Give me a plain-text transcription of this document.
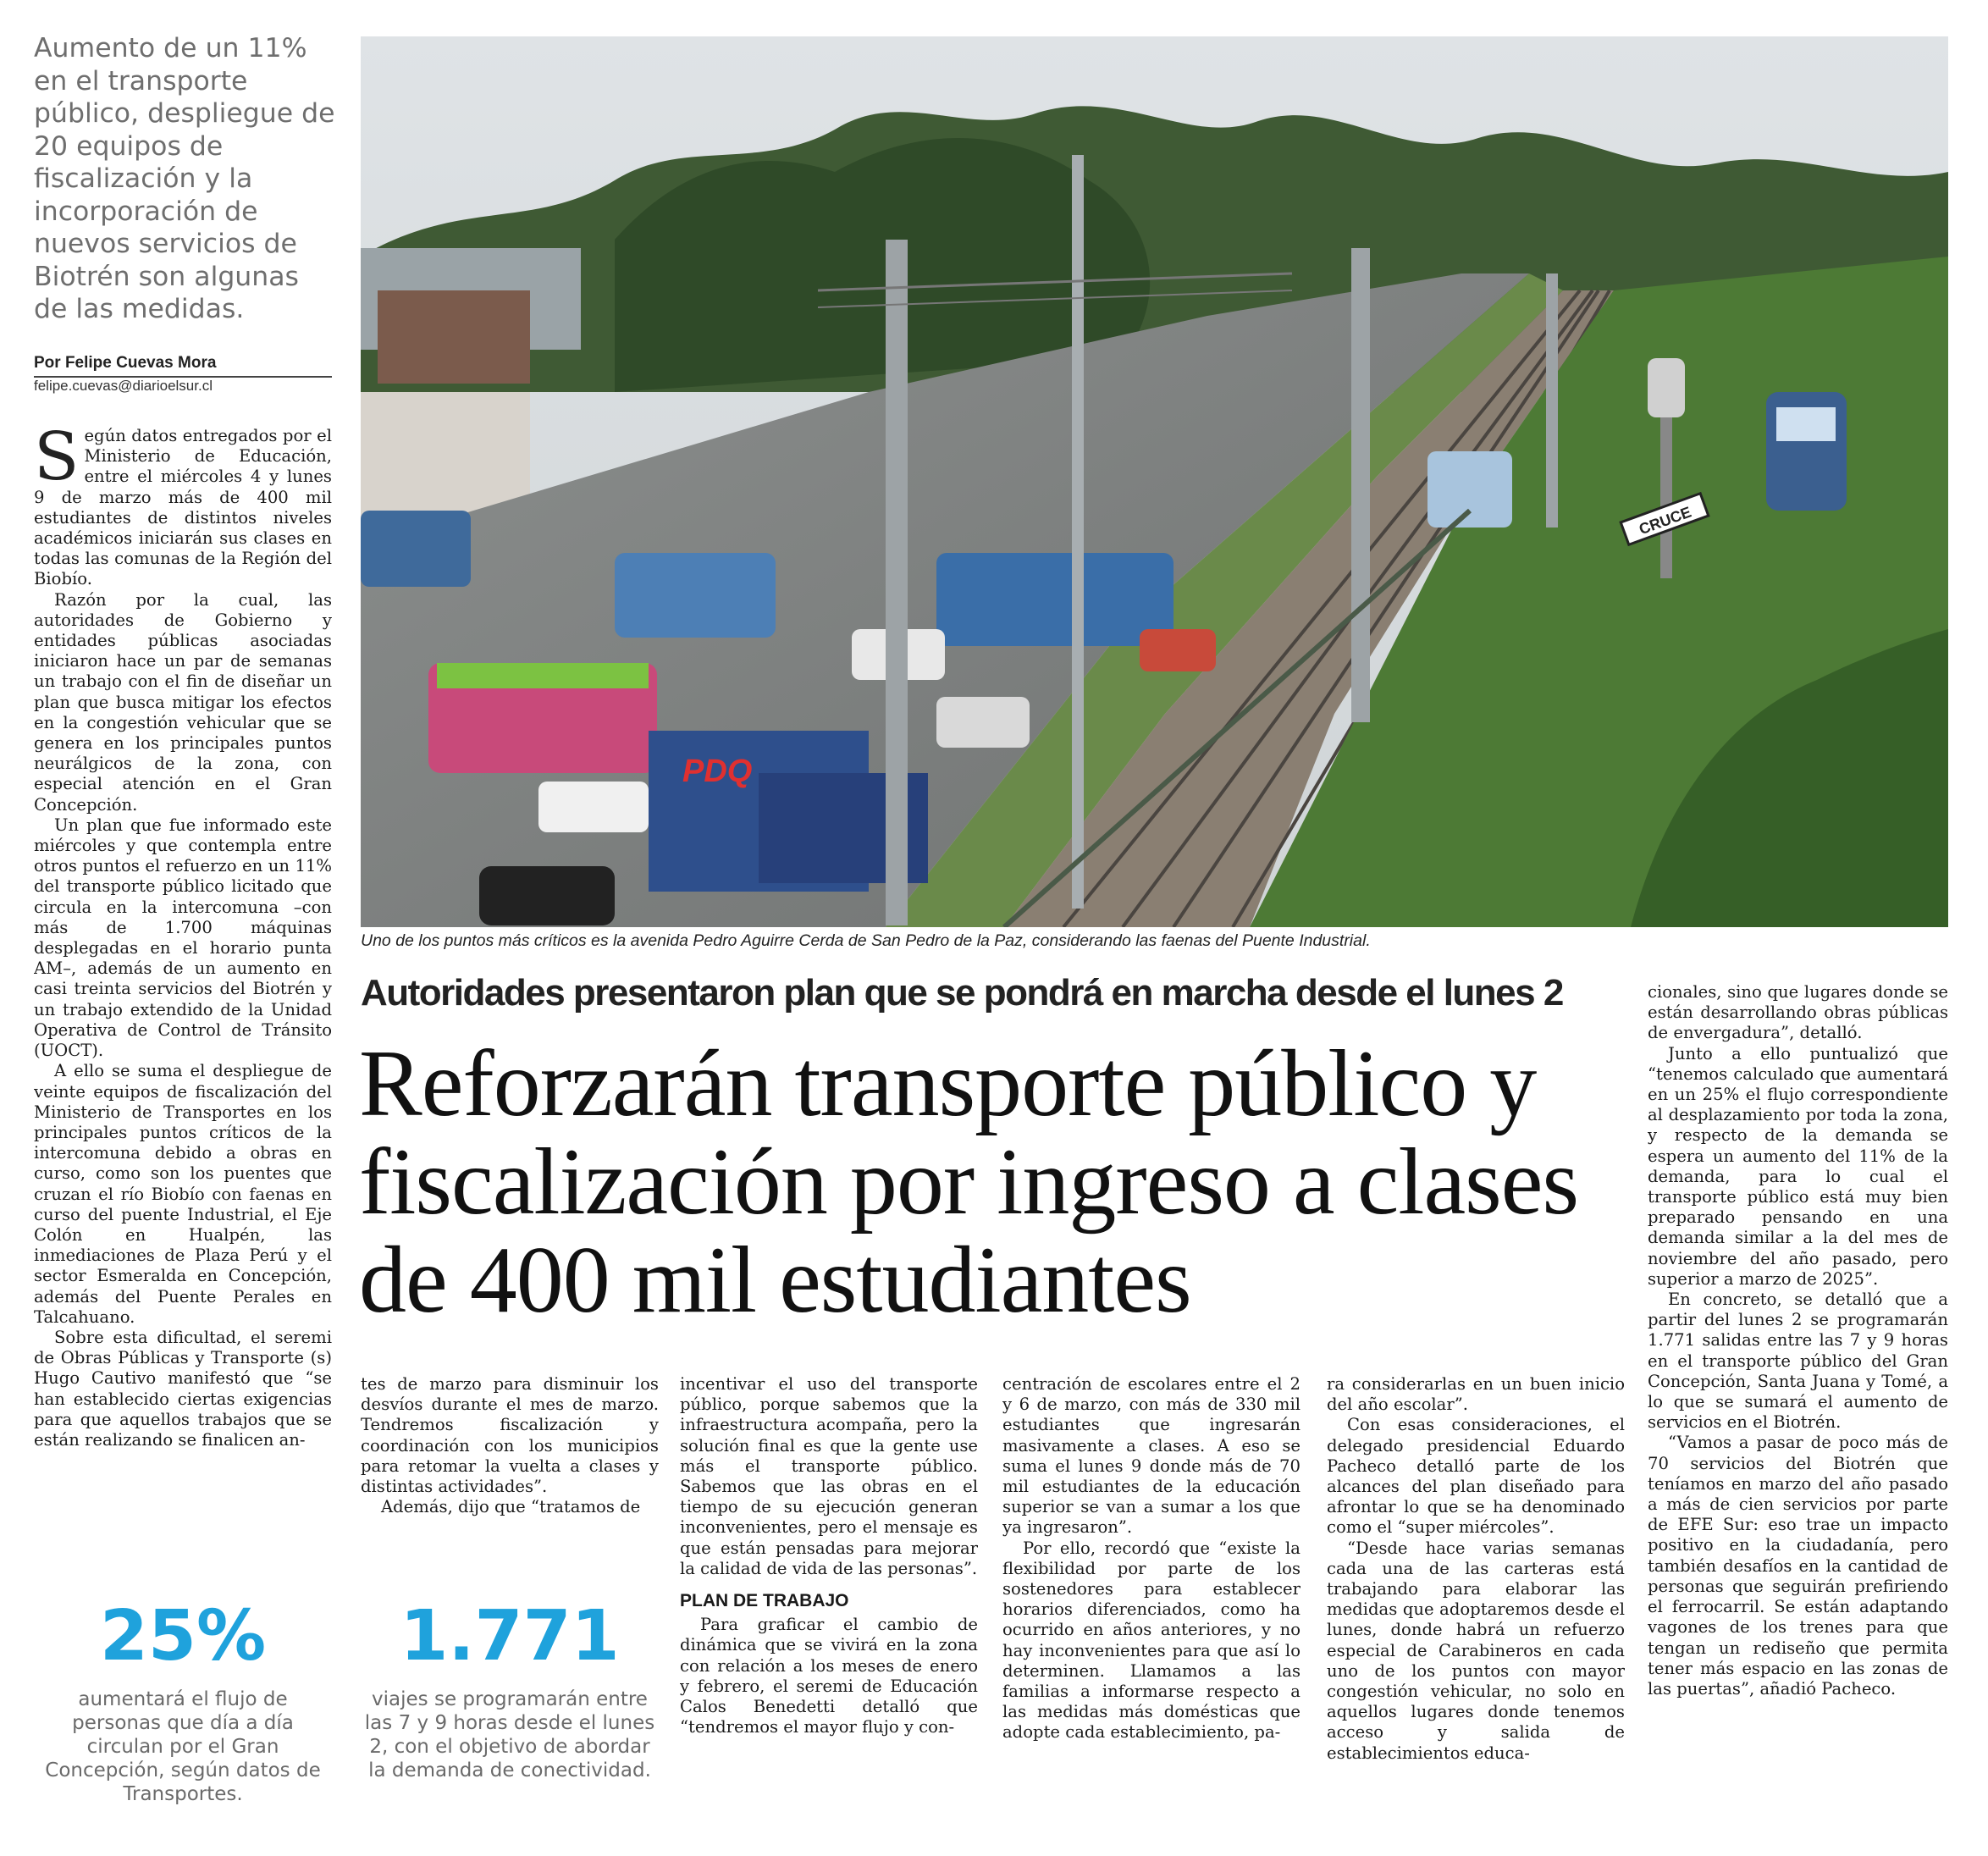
Aumento de un 11% en el transporte público, despliegue de 20 equipos de fiscalización y la incorporación de nuevos servicios de Biotrén son algunas de las medidas.

Por Felipe Cuevas Mora
felipe.cuevas@diarioelsur.cl

Según datos entregados por el Ministerio de Educación, entre el miércoles 4 y lunes 9 de marzo más de 400 mil estudiantes de distintos niveles académicos iniciarán sus clases en todas las comunas de la Región del Biobío.

Razón por la cual, las autoridades de Gobierno y entidades públicas asociadas iniciaron hace un par de semanas un trabajo con el fin de diseñar un plan que busca mitigar los efectos en la congestión vehicular que se genera en los principales puntos neurálgicos de la zona, con especial atención en el Gran Concepción.

Un plan que fue informado este miércoles y que contempla entre otros puntos el refuerzo en un 11% del transporte público licitado que circula en la intercomuna –con más de 1.700 máquinas desplegadas en el horario punta AM–, además de un aumento en casi treinta servicios del Biotrén y un trabajo extendido de la Unidad Operativa de Control de Tránsito (UOCT).

A ello se suma el despliegue de veinte equipos de fiscalización del Ministerio de Transportes en los principales puntos críticos de la intercomuna debido a obras en curso, como son los puentes que cruzan el río Biobío con faenas en curso del puente Industrial, el Eje Colón en Hualpén, las inmediaciones de Plaza Perú y el sector Esmeralda en Concepción, además del Puente Perales en Talcahuano.

Sobre esta dificultad, el seremi de Obras Públicas y Transporte (s) Hugo Cautivo manifestó que “se han establecido ciertas exigencias para que aquellos trabajos que se están realizando se finalicen an-

PDQ
CRUCE
Uno de los puntos más críticos es la avenida Pedro Aguirre Cerda de San Pedro de la Paz, considerando las faenas del Puente Industrial.
Autoridades presentaron plan que se pondrá en marcha desde el lunes 2
Reforzarán transporte público y fiscalización por ingreso a clases de 400 mil estudiantes

tes de marzo para disminuir los desvíos durante el mes de marzo. Tendremos fiscalización y coordinación con los municipios para retomar la vuelta a clases y distintas actividades”.

Además, dijo que “tratamos de

incentivar el uso del transporte público, porque sabemos que la infraestructura acompaña, pero la solución final es que la gente use más el transporte público. Sabemos que las obras en el tiempo de su ejecución generan inconvenientes, pero el mensaje es que están pensadas para mejorar la calidad de vida de las personas”.

PLAN DE TRABAJO

Para graficar el cambio de dinámica que se vivirá en la zona con relación a los meses de enero y febrero, el seremi de Educación Calos Benedetti detalló que “tendremos el mayor flujo y con-

centración de escolares entre el 2 y 6 de marzo, con más de 330 mil estudiantes que ingresarán masivamente a clases. A eso se suma el lunes 9 donde más de 70 mil estudiantes de la educación superior se van a sumar a los que ya ingresaron”.

Por ello, recordó que “existe la flexibilidad por parte de los sostenedores para establecer horarios diferenciados, como ha ocurrido en años anteriores, y no hay inconvenientes para que así lo determinen. Llamamos a las familias a informarse respecto a las medidas más domésticas que adopte cada establecimiento, pa-

ra considerarlas en un buen inicio del año escolar”.

Con esas consideraciones, el delegado presidencial Eduardo Pacheco detalló parte de los alcances del plan diseñado para afrontar lo que se ha denominado como el “super miércoles”.

“Desde hace varias semanas cada una de las carteras está trabajando para elaborar las medidas que adoptaremos desde el lunes, donde habrá un refuerzo especial de Carabineros en cada uno de los puntos con mayor congestión vehicular, no solo en aquellos lugares donde tenemos acceso y salida de establecimientos educa-

cionales, sino que lugares donde se están desarrollando obras públicas de envergadura”, detalló.

Junto a ello puntualizó que “tenemos calculado que aumentará en un 25% el flujo correspondiente al desplazamiento por toda la zona, y respecto de la demanda se espera un aumento del 11% de la demanda, para lo cual el transporte público está muy bien preparado pensando en una demanda similar a la del mes de noviembre del año pasado, pero superior a marzo de 2025”.

En concreto, se detalló que a partir del lunes 2 se programarán 1.771 salidas entre las 7 y 9 horas en el transporte público del Gran Concepción, Santa Juana y Tomé, a lo que se sumará el aumento de servicios en el Biotrén.

“Vamos a pasar de poco más de 70 servicios del Biotrén que teníamos en marzo del año pasado a más de cien servicios por parte de EFE Sur: eso trae un impacto positivo en la ciudadanía, pero también desafíos en la cantidad de personas que seguirán prefiriendo el ferrocarril. Se están adaptando vagones de los trenes para que tengan un rediseño que permita tener más espacio en las zonas de las puertas”, añadió Pacheco.

25%
aumentará el flujo de personas que día a día circulan por el Gran Concepción, según datos de Transportes.
1.771
viajes se programarán entre las 7 y 9 horas desde el lunes 2, con el objetivo de abordar la demanda de conectividad.
